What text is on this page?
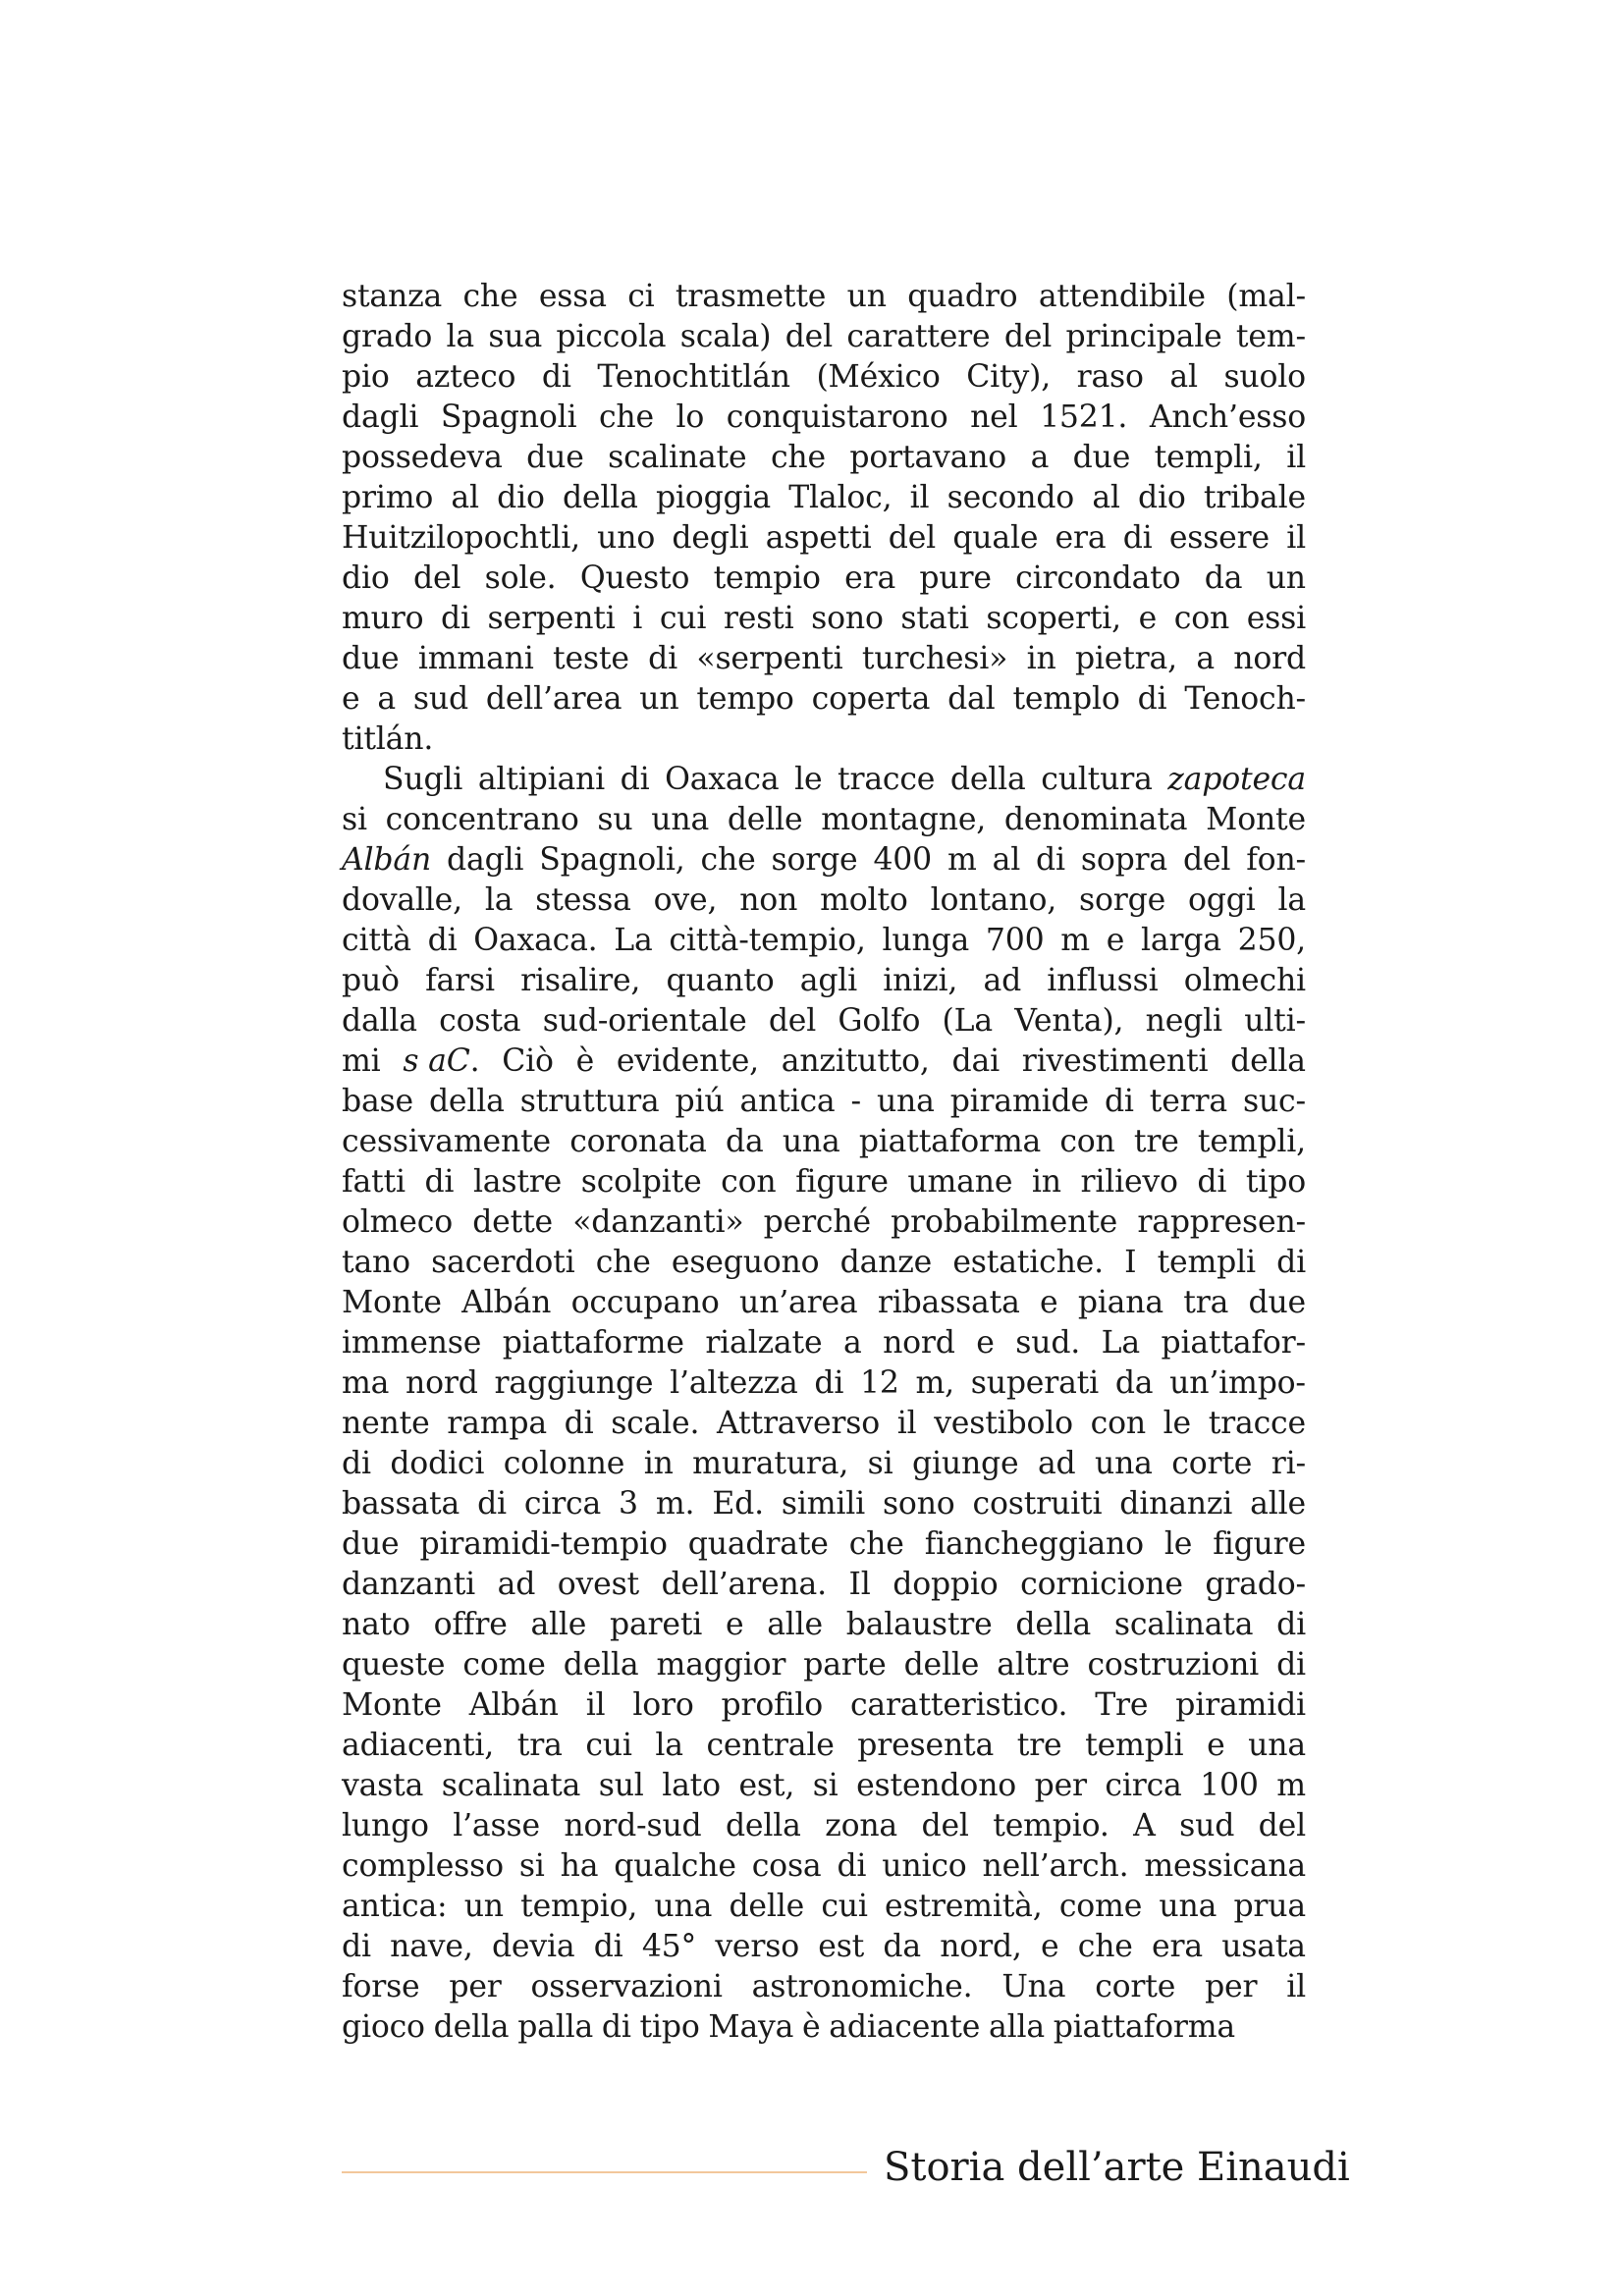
stanza che essa ci trasmette un quadro attendibile (mal-
grado la sua piccola scala) del carattere del principale tem-
pio azteco di Tenochtitlán (México City), raso al suolo
dagli Spagnoli che lo conquistarono nel 1521. Anch’esso
possedeva due scalinate che portavano a due templi, il
primo al dio della pioggia Tlaloc, il secondo al dio tribale
Huitzilopochtli, uno degli aspetti del quale era di essere il
dio del sole. Questo tempio era pure circondato da un
muro di serpenti i cui resti sono stati scoperti, e con essi
due immani teste di «serpenti turchesi» in pietra, a nord
e a sud dell’area un tempo coperta dal templo di Tenoch-
titlán.
Sugli altipiani di Oaxaca le tracce della cultura zapoteca
si concentrano su una delle montagne, denominata Monte
Albán dagli Spagnoli, che sorge 400 m al di sopra del fon-
dovalle, la stessa ove, non molto lontano, sorge oggi la
città di Oaxaca. La città-tempio, lunga 700 m e larga 250,
può farsi risalire, quanto agli inizi, ad influssi olmechi
dalla costa sud-orientale del Golfo (La Venta), negli ulti-
mi s aC. Ciò è evidente, anzitutto, dai rivestimenti della
base della struttura piú antica - una piramide di terra suc-
cessivamente coronata da una piattaforma con tre templi,
fatti di lastre scolpite con figure umane in rilievo di tipo
olmeco dette «danzanti» perché probabilmente rappresen-
tano sacerdoti che eseguono danze estatiche. I templi di
Monte Albán occupano un’area ribassata e piana tra due
immense piattaforme rialzate a nord e sud. La piattafor-
ma nord raggiunge l’altezza di 12 m, superati da un’impo-
nente rampa di scale. Attraverso il vestibolo con le tracce
di dodici colonne in muratura, si giunge ad una corte ri-
bassata di circa 3 m. Ed. simili sono costruiti dinanzi alle
due piramidi-tempio quadrate che fiancheggiano le figure
danzanti ad ovest dell’arena. Il doppio cornicione grado-
nato offre alle pareti e alle balaustre della scalinata di
queste come della maggior parte delle altre costruzioni di
Monte Albán il loro profilo caratteristico. Tre piramidi
adiacenti, tra cui la centrale presenta tre templi e una
vasta scalinata sul lato est, si estendono per circa 100 m
lungo l’asse nord-sud della zona del tempio. A sud del
complesso si ha qualche cosa di unico nell’arch. messicana
antica: un tempio, una delle cui estremità, come una prua
di nave, devia di 45° verso est da nord, e che era usata
forse per osservazioni astronomiche. Una corte per il
gioco della palla di tipo Maya è adiacente alla piattaforma
Storia dell’arte Einaudi
